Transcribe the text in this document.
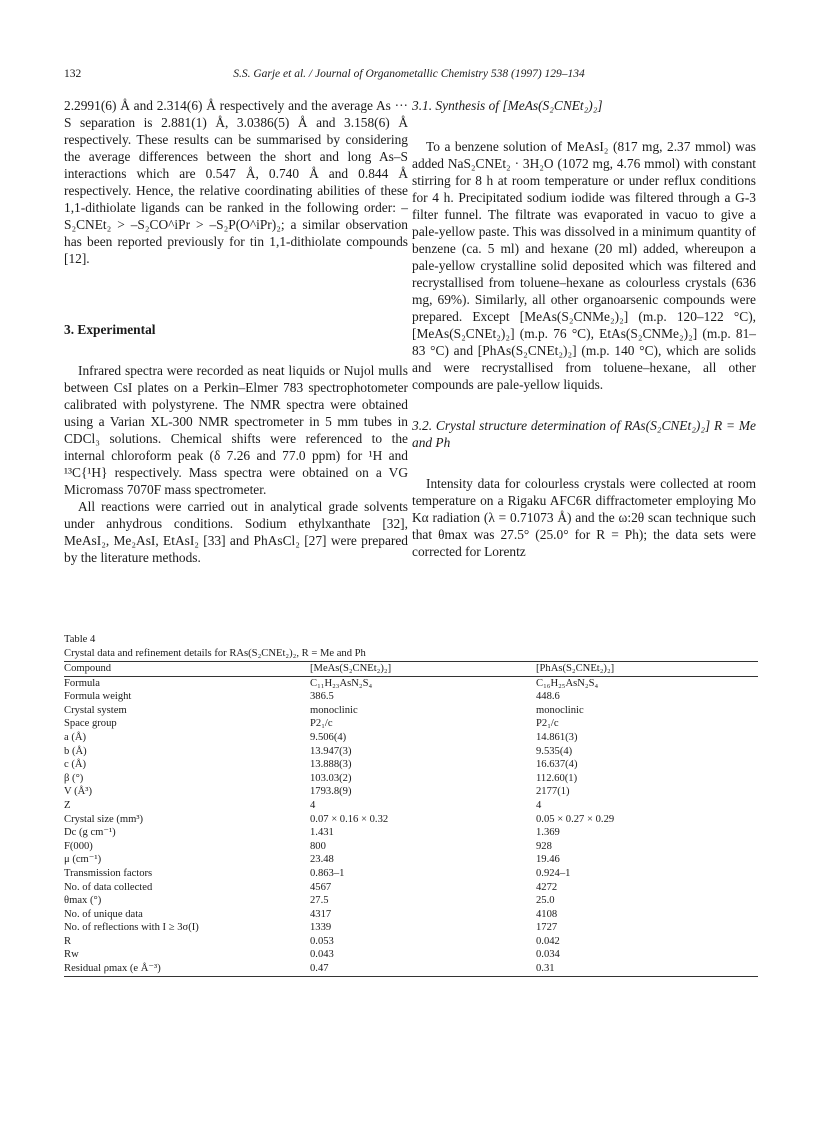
132	S.S. Garje et al. / Journal of Organometallic Chemistry 538 (1997) 129–134

2.2991(6) Å and 2.314(6) Å respectively and the average As ··· S separation is 2.881(1) Å, 3.0386(5) Å and 3.158(6) Å respectively. These results can be summarised by considering the average differences between the short and long As–S interactions which are 0.547 Å, 0.740 Å and 0.844 Å respectively. Hence, the relative coordinating abilities of these 1,1-dithiolate ligands can be ranked in the following order: –S₂CNEt₂ > –S₂CO^iPr > –S₂P(O^iPr)₂; a similar observation has been reported previously for tin 1,1-dithiolate compounds [12].

3. Experimental

Infrared spectra were recorded as neat liquids or Nujol mulls between CsI plates on a Perkin–Elmer 783 spectrophotometer calibrated with polystyrene. The NMR spectra were obtained using a Varian XL-300 NMR spectrometer in 5 mm tubes in CDCl₃ solutions. Chemical shifts were referenced to the internal chloroform peak (δ 7.26 and 77.0 ppm) for ¹H and ¹³C{¹H} respectively. Mass spectra were obtained on a VG Micromass 7070F mass spectrometer.

All reactions were carried out in analytical grade solvents under anhydrous conditions. Sodium ethylxanthate [32], MeAsI₂, Me₂AsI, EtAsI₂ [33] and PhAsCl₂ [27] were prepared by the literature methods.

3.1. Synthesis of [MeAs(S₂CNEt₂)₂]

To a benzene solution of MeAsI₂ (817 mg, 2.37 mmol) was added NaS₂CNEt₂ · 3H₂O (1072 mg, 4.76 mmol) with constant stirring for 8 h at room temperature or under reflux conditions for 4 h. Precipitated sodium iodide was filtered through a G-3 filter funnel. The filtrate was evaporated in vacuo to give a pale-yellow paste. This was dissolved in a minimum quantity of benzene (ca. 5 ml) and hexane (20 ml) added, whereupon a pale-yellow crystalline solid deposited which was filtered and recrystallised from toluene–hexane as colourless crystals (636 mg, 69%). Similarly, all other organoarsenic compounds were prepared. Except [MeAs(S₂CNMe₂)₂] (m.p. 120–122 °C), [MeAs(S₂CNEt₂)₂] (m.p. 76 °C), EtAs(S₂CNMe₂)₂] (m.p. 81–83 °C) and [PhAs(S₂CNEt₂)₂] (m.p. 140 °C), which are solids and were recrystallised from toluene–hexane, all other compounds are pale-yellow liquids.

3.2. Crystal structure determination of RAs(S₂CNEt₂)₂] R = Me and Ph

Intensity data for colourless crystals were collected at room temperature on a Rigaku AFC6R diffractometer employing Mo Kα radiation (λ = 0.71073 Å) and the ω:2θ scan technique such that θmax was 27.5° (25.0° for R = Ph); the data sets were corrected for Lorentz

Table 4
Crystal data and refinement details for RAs(S₂CNEt₂)₂, R = Me and Ph
Compound	[MeAs(S₂CNEt₂)₂]	[PhAs(S₂CNEt₂)₂]

Formula	C₁₁H₂₃AsN₂S₄	C₁₆H₂₅AsN₂S₄
Formula weight	386.5	448.6
Crystal system	monoclinic	monoclinic
Space group	P2₁/c	P2₁/c
a (Å)	9.506(4)	14.861(3)
b (Å)	13.947(3)	9.535(4)
c (Å)	13.888(3)	16.637(4)
β (°)	103.03(2)	112.60(1)
V (Å³)	1793.8(9)	2177(1)
Z	4	4
Crystal size (mm³)	0.07 × 0.16 × 0.32	0.05 × 0.27 × 0.29
Dc (g cm⁻¹)	1.431	1.369
F(000)	800	928
μ (cm⁻¹)	23.48	19.46
Transmission factors	0.863–1	0.924–1
No. of data collected	4567	4272
θmax (°)	27.5	25.0
No. of unique data	4317	4108
No. of reflections with I ≥ 3σ(I)	1339	1727
R	0.053	0.042
Rw	0.043	0.034
Residual ρmax (e Å⁻³)	0.47	0.31
